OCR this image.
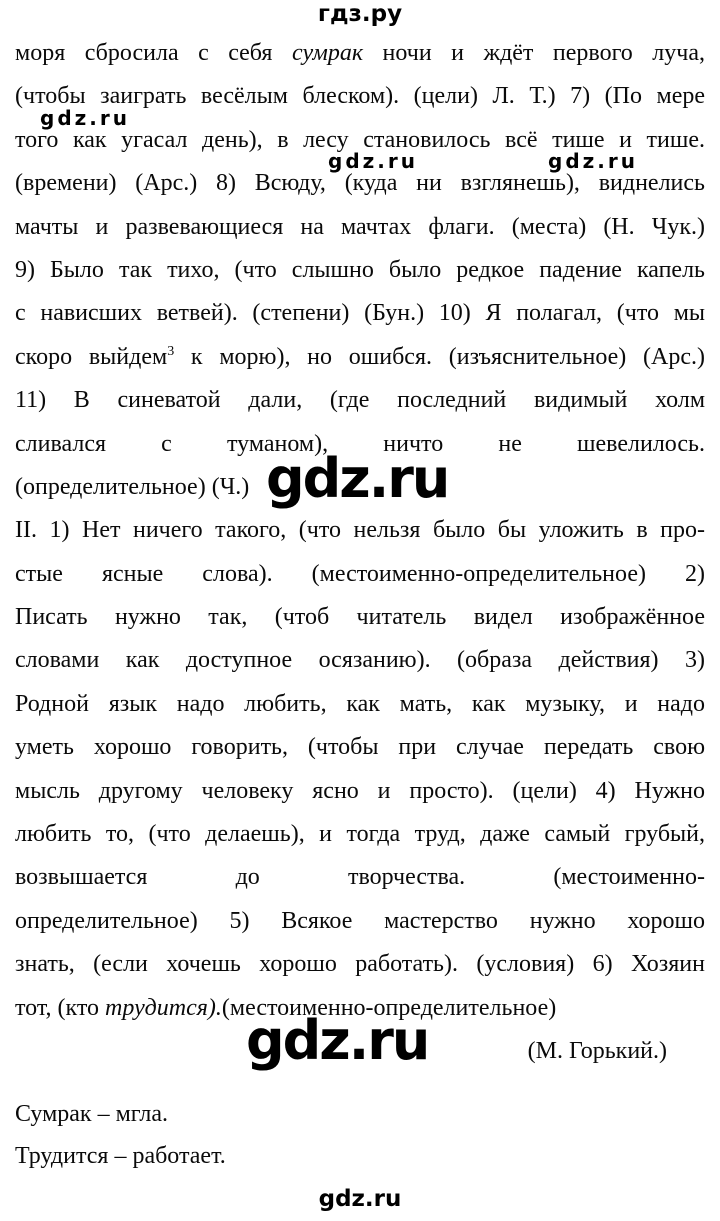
гдз.ру
моря сбросила с себя сумрак ночи и ждёт первого луча,
(чтобы заиграть весёлым блеском). (цели) Л. Т.) 7) (По мере
того как угасал день), в лесу становилось всё тише и тише.
(времени) (Арс.) 8) Всюду, (куда ни взглянешь), виднелись
мачты и развевающиеся на мачтах флаги. (места) (Н. Чук.)
9) Было так тихо, (что слышно было редкое падение капель
с нависших ветвей). (степени) (Бун.) 10) Я полагал, (что мы
скоро выйдем$^3$ к морю), но ошибся. (изъяснительное) (Арс.)
11) В синеватой дали, (где последний видимый холм
сливался с туманом), ничто не шевелилось.
(определительное) (Ч.)
II. 1) Нет ничего такого, (что нельзя было бы уложить в про-
стые ясные слова). (местоименно-определительное) 2)
Писать нужно так, (чтоб читатель видел изображённое
словами как доступное осязанию). (образа действия) 3)
Родной язык надо любить, как мать, как музыку, и надо
уметь хорошо говорить, (чтобы при случае передать свою
мысль другому человеку ясно и просто). (цели) 4) Нужно
любить то, (что делаешь), и тогда труд, даже самый грубый,
возвышается до творчества. (местоименно-
определительное) 5) Всякое мастерство нужно хорошо
знать, (если хочешь хорошо работать). (условия) 6) Хозяин
тот, (кто трудится).(местоименно-определительное)
(М. Горький.)
Сумрак – мгла.
Трудится – работает.
gdz.ru
gdz.ru
gdz.ru	gdz.ru
gdz.ru
gdz.ru
